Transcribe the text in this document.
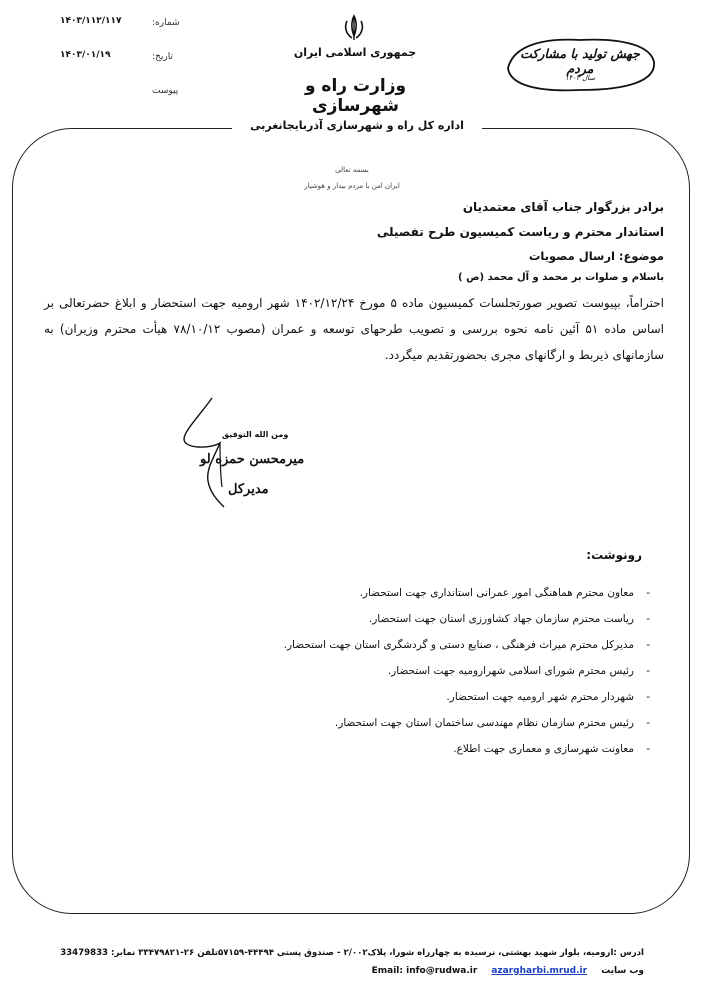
شماره:
۱۴۰۳/۱۱۲/۱۱۷
تاریخ:
۱۴۰۳/۰۱/۱۹
پیوست
جمهوری اسلامی ایران
وزارت راه و شهرسازی
جهش تولید با مشارکت مردم
سال ۱۴۰۳
اداره کل راه و شهرسازی آذربایجانغربی
بسمه تعالی
ایران امن با مردم بیدار و هوشیار
برادر بزرگوار جناب آقای معتمدیان
استاندار محترم و ریاست کمیسیون طرح تفصیلی
موضوع: ارسال مصوبات
باسلام و صلوات بر محمد و آل محمد (ص )
احتراماً، بپیوست تصویر صورتجلسات کمیسیون ماده ۵ مورخ ۱۴۰۲/۱۲/۲۴ شهر ارومیه جهت استحضار و ابلاغ حضرتعالی بر اساس ماده ۵۱ آئین نامه نحوه بررسی و تصویب طرحهای توسعه و عمران (مصوب ۷۸/۱۰/۱۲ هیأت محترم وزیران) به سازمانهای ذیربط و ارگانهای مجری بحضورتقدیم میگردد.
ومن الله التوفیق
میرمحسن حمزه لو
مدیرکل
رونوشت:
-
معاون محترم هماهنگی امور عمرانی استانداری جهت استحضار.
-
ریاست محترم سازمان جهاد کشاورزی استان جهت استحضار.
-
مدیرکل محترم میراث فرهنگی ، صنایع دستی و گردشگری استان جهت استحضار.
-
رئیس محترم شورای اسلامی شهرارومیه جهت استحضار.
-
شهردار محترم شهر ارومیه جهت استحضار.
-
رئیس محترم سازمان نظام مهندسی ساختمان استان جهت استحضار.
-
معاونت شهرسازی و معماری جهت اطلاع.
آدرس :ارومیه، بلوار شهید بهشتی، نرسیده به چهارراه شورا، پلاک۲/۰۰۲ - صندوق پستی ۴۴۴۹۴-۵۷۱۵۹تلفن ۲۶-۳۳۴۷۹۸۲۱ نمابر: 33479833
وب سایت
azargharbi.mrud.ir
Email: info@rudwa.ir
